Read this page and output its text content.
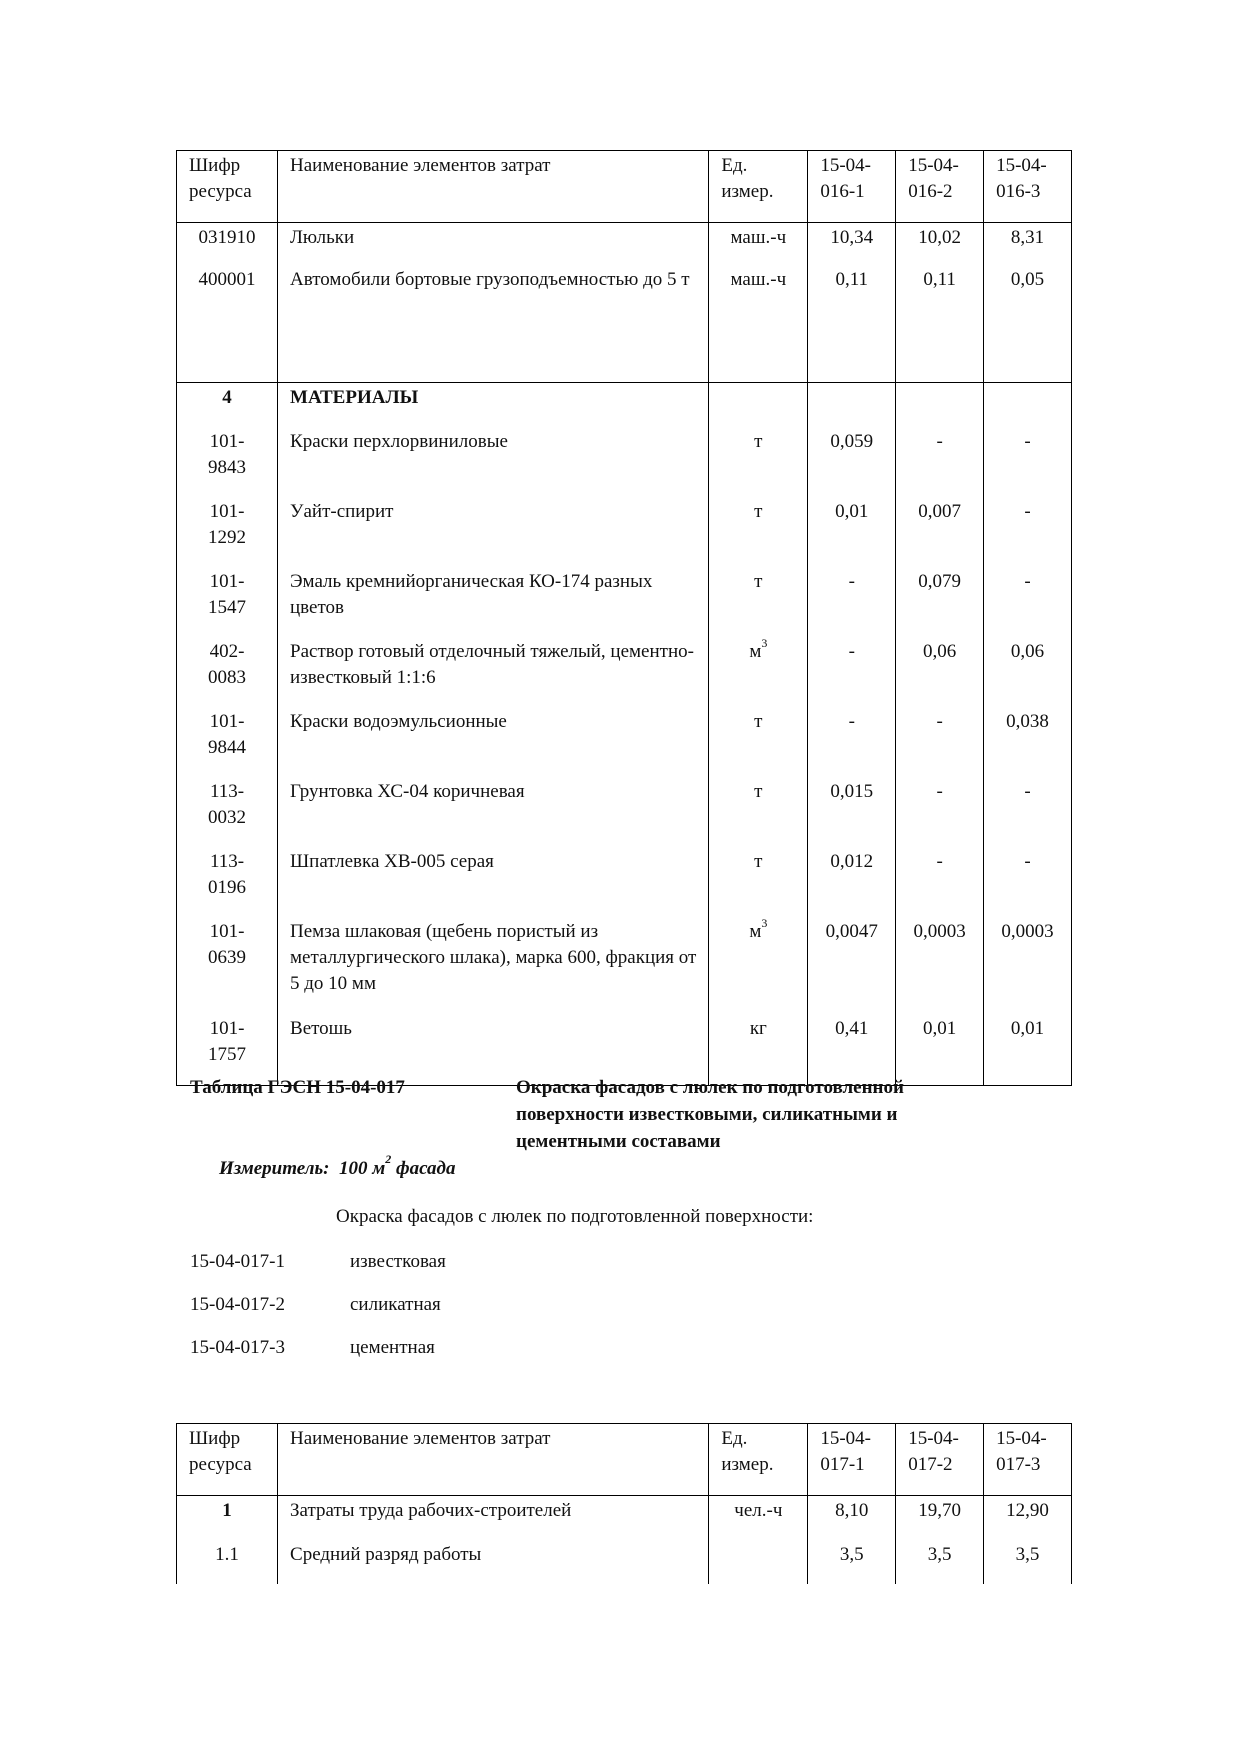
Шифр ресурса	Наименование элементов затрат	Ед. измер.	15-04-016-1	15-04-016-2	15-04-016-3
031910	Люльки	маш.-ч	10,34	10,02	8,31
400001	Автомобили бортовые грузоподъемностью до 5 т	маш.-ч	0,11	0,11	0,05
4	МАТЕРИАЛЫ				
101-9843	Краски перхлорвиниловые	т	0,059	-	-
101-1292	Уайт-спирит	т	0,01	0,007	-
101-1547	Эмаль кремнийорганическая КО-174 разных цветов	т	-	0,079	-
402-0083	Раствор готовый отделочный тяжелый, цементно-известковый 1:1:6	$м^3$	-	0,06	0,06
101-9844	Краски водоэмульсионные	т	-	-	0,038
113-0032	Грунтовка ХС-04 коричневая	т	0,015	-	-
113-0196	Шпатлевка ХВ-005 серая	т	0,012	-	-
101-0639	Пемза шлаковая (щебень пористый из металлургического шлака), марка 600, фракция от 5 до 10 мм	$м^3$	0,0047	0,0003	0,0003
101-1757	Ветошь	кг	0,41	0,01	0,01
Таблица ГЭСН 15-04-017	Окраска фасадов с люлек по подготовленной поверхности известковыми, силикатными и цементными составами
Измеритель: 100 $м^2$ фасада
Окраска фасадов с люлек по подготовленной поверхности:
15-04-017-1	известковая
15-04-017-2	силикатная
15-04-017-3	цементная
Шифр ресурса	Наименование элементов затрат	Ед. измер.	15-04-017-1	15-04-017-2	15-04-017-3
1	Затраты труда рабочих-строителей	чел.-ч	8,10	19,70	12,90
1.1	Средний разряд работы		3,5	3,5	3,5
